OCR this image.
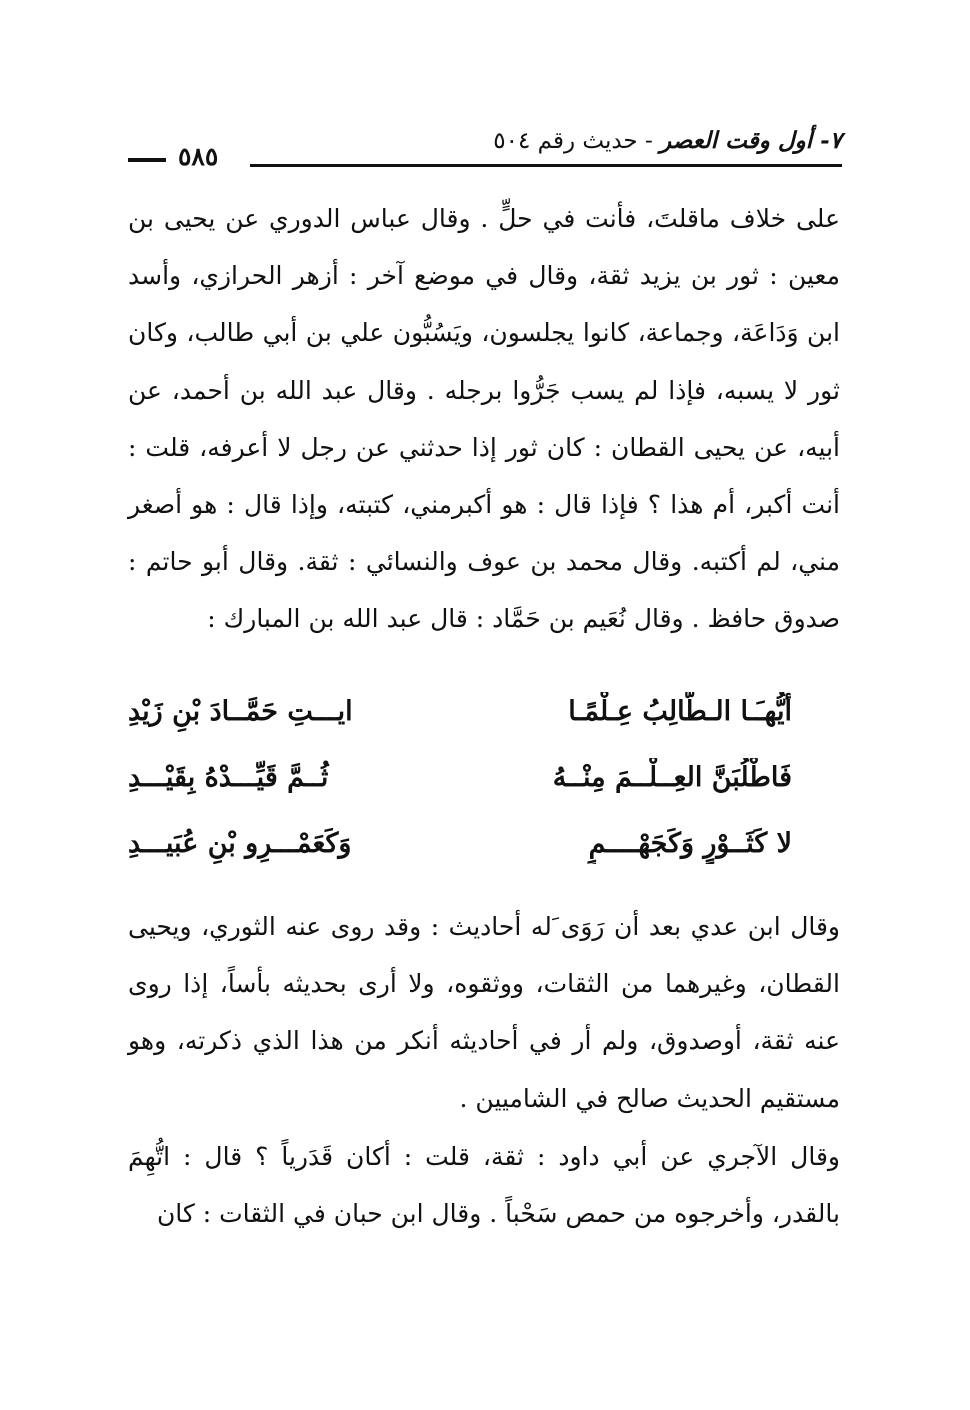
٥٨٥
٧- أول وقت العصر - حديث رقم ٥٠٤

على خلاف ماقلتَ، فأنت في حلٍّ . وقال عباس الدوري عن يحيى بن معين : ثور بن يزيد ثقة، وقال في موضع آخر : أزهر الحرازي، وأسد ابن وَدَاعَة، وجماعة، كانوا يجلسون، ويَسُبُّون علي بن أبي طالب، وكان ثور لا يسبه، فإذا لم يسب جَرُّوا برجله . وقال عبد الله بن أحمد، عن أبيه، عن يحيى القطان : كان ثور إذا حدثني عن رجل لا أعرفه، قلت : أنت أكبر، أم هذا ؟ فإذا قال : هو أكبرمني، كتبته، وإذا قال : هو أصغر مني، لم أكتبه. وقال محمد بن عوف والنسائي : ثقة. وقال أبو حاتم : صدوق حافظ . وقال نُعَيم بن حَمَّاد : قال عبد الله بن المبارك :

أيُّهـَـا الـطَّالِبُ عِـلْمًـا
ايـــتِ حَمَّــادَ بْنِ زَيْدِ
فَاطْلُبَنَّ العِــلْــمَ مِنْــهُ
ثُــمَّ قَيِّـــدْهُ بِقَيْـــدِ
لا كَثَــوْرٍ وَكَجَهْــــمٍ
وَكَعَمْـــرِو بْنِ عُبَيـــدِ

وقال ابن عدي بعد أن رَوَى َله أحاديث : وقد روى عنه الثوري، ويحيى القطان، وغيرهما من الثقات، ووثقوه، ولا أرى بحديثه بأساً، إذا روى عنه ثقة، أوصدوق، ولم أر في أحاديثه أنكر من هذا الذي ذكرته، وهو مستقيم الحديث صالح في الشاميين .

وقال الآجري عن أبي داود : ثقة، قلت : أكان قَدَرياً ؟ قال : اتُّهِمَ بالقدر، وأخرجوه من حمص سَحْباً . وقال ابن حبان في الثقات : كان
